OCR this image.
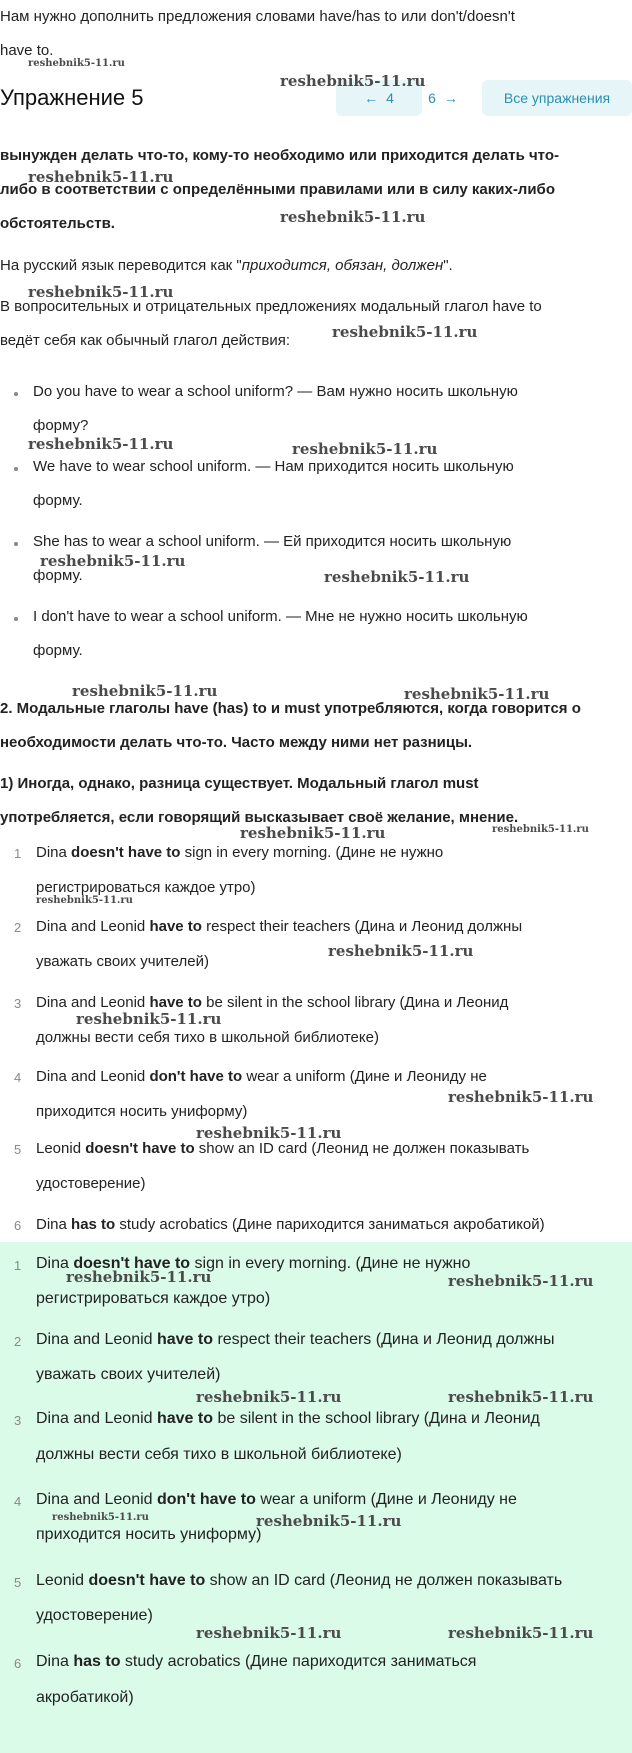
Нам нужно дополнить предложения словами have/has to или don't/doesn't
have to.
Упражнение 5	← 4 6 →	Все упражнения
вынужден делать что-то, кому-то необходимо или приходится делать что-
либо в соответствии с определёнными правилами или в силу каких-либо
обстоятельств.
На русский язык переводится как "приходится, обязан, должен".
В вопросительных и отрицательных предложениях модальный глагол have to
ведёт себя как обычный глагол действия:
Do you have to wear a school uniform? — Вам нужно носить школьную
форму?
We have to wear school uniform. — Нам приходится носить школьную
форму.
She has to wear a school uniform. — Ей приходится носить школьную
форму.
I don't have to wear a school uniform. — Мне не нужно носить школьную
форму.
2. Модальные глаголы have (has) to и must употребляются, когда говорится о
необходимости делать что-то. Часто между ними нет разницы.
1) Иногда, однако, разница существует. Модальный глагол must
употребляется, если говорящий высказывает своё желание, мнение.
1 Dina doesn't have to sign in every morning. (Дине не нужно
регистрироваться каждое утро)
2 Dina and Leonid have to respect their teachers (Дина и Леонид должны
уважать своих учителей)
3 Dina and Leonid have to be silent in the school library (Дина и Леонид
должны вести себя тихо в школьной библиотеке)
4 Dina and Leonid don't have to wear a uniform (Дине и Леониду не
приходится носить униформу)
5 Leonid doesn't have to show an ID card (Леонид не должен показывать
удостоверение)
6 Dina has to study acrobatics (Дине париходится заниматься акробатикой)
1 Dina doesn't have to sign in every morning. (Дине не нужно
регистрироваться каждое утро)
2 Dina and Leonid have to respect their teachers (Дина и Леонид должны
уважать своих учителей)
3 Dina and Leonid have to be silent in the school library (Дина и Леонид
должны вести себя тихо в школьной библиотеке)
4 Dina and Leonid don't have to wear a uniform (Дине и Леониду не
приходится носить униформу)
5 Leonid doesn't have to show an ID card (Леонид не должен показывать
удостоверение)
6 Dina has to study acrobatics (Дине париходится заниматься
акробатикой)
reshebnik5-11.ru
reshebnik5-11.ru
reshebnik5-11.ru
reshebnik5-11.ru
reshebnik5-11.ru
reshebnik5-11.ru
reshebnik5-11.ru	reshebnik5-11.ru
reshebnik5-11.ru
reshebnik5-11.ru
reshebnik5-11.ru	reshebnik5-11.ru
reshebnik5-11.ru	reshebnik5-11.ru
reshebnik5-11.ru
reshebnik5-11.ru
reshebnik5-11.ru
reshebnik5-11.ru
reshebnik5-11.ru
reshebnik5-11.ru	reshebnik5-11.ru
reshebnik5-11.ru	reshebnik5-11.ru
reshebnik5-11.ru	reshebnik5-11.ru
reshebnik5-11.ru	reshebnik5-11.ru
